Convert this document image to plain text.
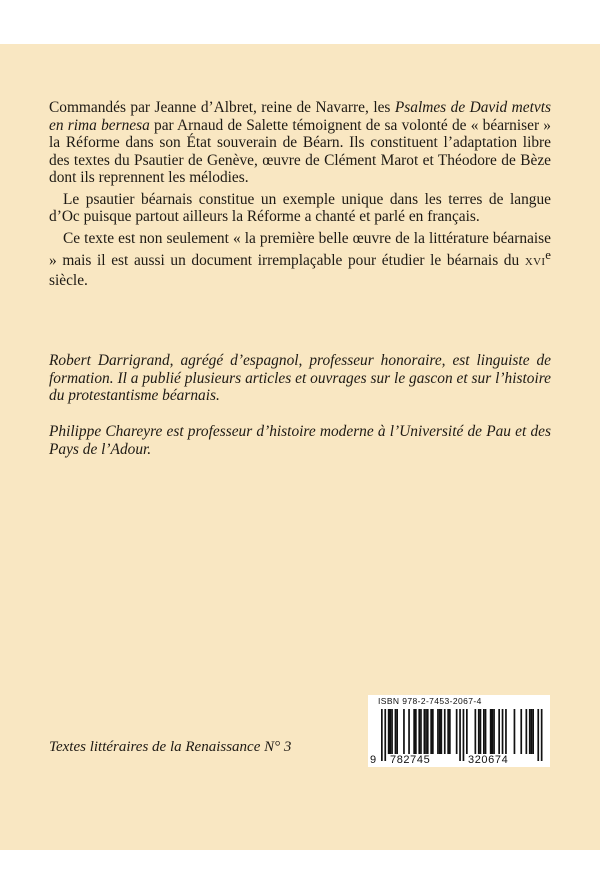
Commandés par Jeanne d’Albret, reine de Navarre, les Psalmes de David metvts en rima bernesa par Arnaud de Salette témoignent de sa volonté de « béarniser » la Réforme dans son État souverain de Béarn. Ils constituent l’adaptation libre des textes du Psautier de Genève, œuvre de Clément Marot et Théodore de Bèze dont ils reprennent les mélodies.

Le psautier béarnais constitue un exemple unique dans les terres de langue d’Oc puisque partout ailleurs la Réforme a chanté et parlé en français.

Ce texte est non seulement « la première belle œuvre de la littérature béarnaise » mais il est aussi un document irremplaçable pour étudier le béarnais du XVIe siècle.

Robert Darrigrand, agrégé d’espagnol, professeur honoraire, est linguiste de formation. Il a publié plusieurs articles et ouvrages sur le gascon et sur l’histoire du protestantisme béarnais.
Philippe Chareyre est professeur d’histoire moderne à l’Université de Pau et des Pays de l’Adour.
Textes littéraires de la Renaissance N° 3
ISBN 978-2-7453-2067-4
9 782745	320674
